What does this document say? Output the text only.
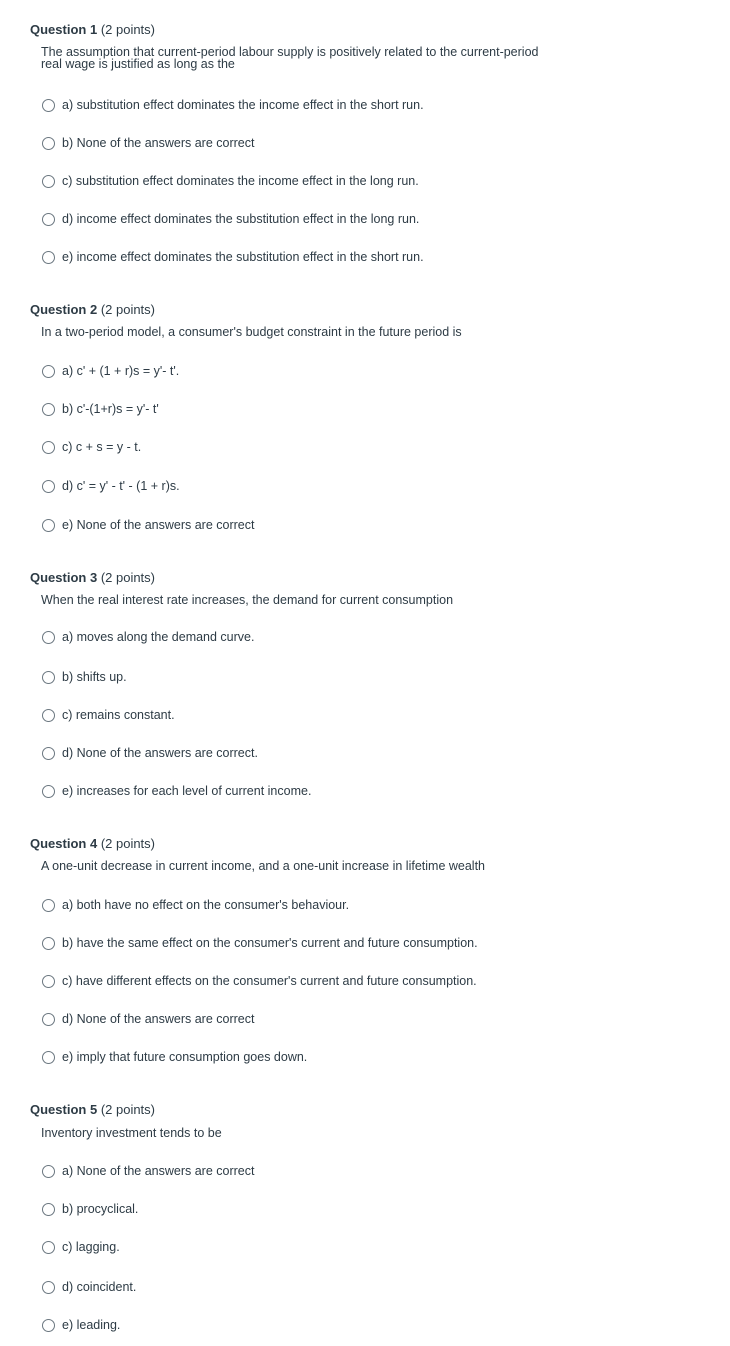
Question 1 (2 points)
The assumption that current-period labour supply is positively related to the current-period real wage is justified as long as the
a) substitution effect dominates the income effect in the short run.
b) None of the answers are correct
c) substitution effect dominates the income effect in the long run.
d) income effect dominates the substitution effect in the long run.
e) income effect dominates the substitution effect in the short run.
Question 2 (2 points)
In a two-period model, a consumer's budget constraint in the future period is
a) c' + (1 + r)s = y'- t'.
b) c'-(1+r)s = y'- t'
c) c + s = y - t.
d) c' = y' - t' - (1 + r)s.
e) None of the answers are correct
Question 3 (2 points)
When the real interest rate increases, the demand for current consumption
a) moves along the demand curve.
b) shifts up.
c) remains constant.
d) None of the answers are correct.
e) increases for each level of current income.
Question 4 (2 points)
A one-unit decrease in current income, and a one-unit increase in lifetime wealth
a) both have no effect on the consumer's behaviour.
b) have the same effect on the consumer's current and future consumption.
c) have different effects on the consumer's current and future consumption.
d) None of the answers are correct
e) imply that future consumption goes down.
Question 5 (2 points)
Inventory investment tends to be
a) None of the answers are correct
b) procyclical.
c) lagging.
d) coincident.
e) leading.
